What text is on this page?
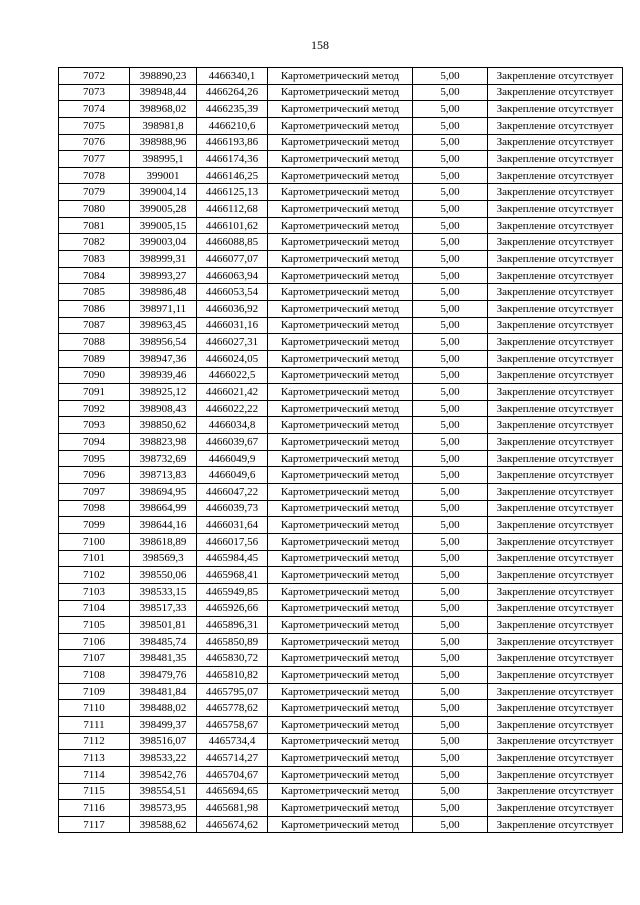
158
7072	398890,23	4466340,1	Картометрический метод	5,00	Закрепление отсутствует
7073	398948,44	4466264,26	Картометрический метод	5,00	Закрепление отсутствует
7074	398968,02	4466235,39	Картометрический метод	5,00	Закрепление отсутствует
7075	398981,8	4466210,6	Картометрический метод	5,00	Закрепление отсутствует
7076	398988,96	4466193,86	Картометрический метод	5,00	Закрепление отсутствует
7077	398995,1	4466174,36	Картометрический метод	5,00	Закрепление отсутствует
7078	399001	4466146,25	Картометрический метод	5,00	Закрепление отсутствует
7079	399004,14	4466125,13	Картометрический метод	5,00	Закрепление отсутствует
7080	399005,28	4466112,68	Картометрический метод	5,00	Закрепление отсутствует
7081	399005,15	4466101,62	Картометрический метод	5,00	Закрепление отсутствует
7082	399003,04	4466088,85	Картометрический метод	5,00	Закрепление отсутствует
7083	398999,31	4466077,07	Картометрический метод	5,00	Закрепление отсутствует
7084	398993,27	4466063,94	Картометрический метод	5,00	Закрепление отсутствует
7085	398986,48	4466053,54	Картометрический метод	5,00	Закрепление отсутствует
7086	398971,11	4466036,92	Картометрический метод	5,00	Закрепление отсутствует
7087	398963,45	4466031,16	Картометрический метод	5,00	Закрепление отсутствует
7088	398956,54	4466027,31	Картометрический метод	5,00	Закрепление отсутствует
7089	398947,36	4466024,05	Картометрический метод	5,00	Закрепление отсутствует
7090	398939,46	4466022,5	Картометрический метод	5,00	Закрепление отсутствует
7091	398925,12	4466021,42	Картометрический метод	5,00	Закрепление отсутствует
7092	398908,43	4466022,22	Картометрический метод	5,00	Закрепление отсутствует
7093	398850,62	4466034,8	Картометрический метод	5,00	Закрепление отсутствует
7094	398823,98	4466039,67	Картометрический метод	5,00	Закрепление отсутствует
7095	398732,69	4466049,9	Картометрический метод	5,00	Закрепление отсутствует
7096	398713,83	4466049,6	Картометрический метод	5,00	Закрепление отсутствует
7097	398694,95	4466047,22	Картометрический метод	5,00	Закрепление отсутствует
7098	398664,99	4466039,73	Картометрический метод	5,00	Закрепление отсутствует
7099	398644,16	4466031,64	Картометрический метод	5,00	Закрепление отсутствует
7100	398618,89	4466017,56	Картометрический метод	5,00	Закрепление отсутствует
7101	398569,3	4465984,45	Картометрический метод	5,00	Закрепление отсутствует
7102	398550,06	4465968,41	Картометрический метод	5,00	Закрепление отсутствует
7103	398533,15	4465949,85	Картометрический метод	5,00	Закрепление отсутствует
7104	398517,33	4465926,66	Картометрический метод	5,00	Закрепление отсутствует
7105	398501,81	4465896,31	Картометрический метод	5,00	Закрепление отсутствует
7106	398485,74	4465850,89	Картометрический метод	5,00	Закрепление отсутствует
7107	398481,35	4465830,72	Картометрический метод	5,00	Закрепление отсутствует
7108	398479,76	4465810,82	Картометрический метод	5,00	Закрепление отсутствует
7109	398481,84	4465795,07	Картометрический метод	5,00	Закрепление отсутствует
7110	398488,02	4465778,62	Картометрический метод	5,00	Закрепление отсутствует
7111	398499,37	4465758,67	Картометрический метод	5,00	Закрепление отсутствует
7112	398516,07	4465734,4	Картометрический метод	5,00	Закрепление отсутствует
7113	398533,22	4465714,27	Картометрический метод	5,00	Закрепление отсутствует
7114	398542,76	4465704,67	Картометрический метод	5,00	Закрепление отсутствует
7115	398554,51	4465694,65	Картометрический метод	5,00	Закрепление отсутствует
7116	398573,95	4465681,98	Картометрический метод	5,00	Закрепление отсутствует
7117	398588,62	4465674,62	Картометрический метод	5,00	Закрепление отсутствует
